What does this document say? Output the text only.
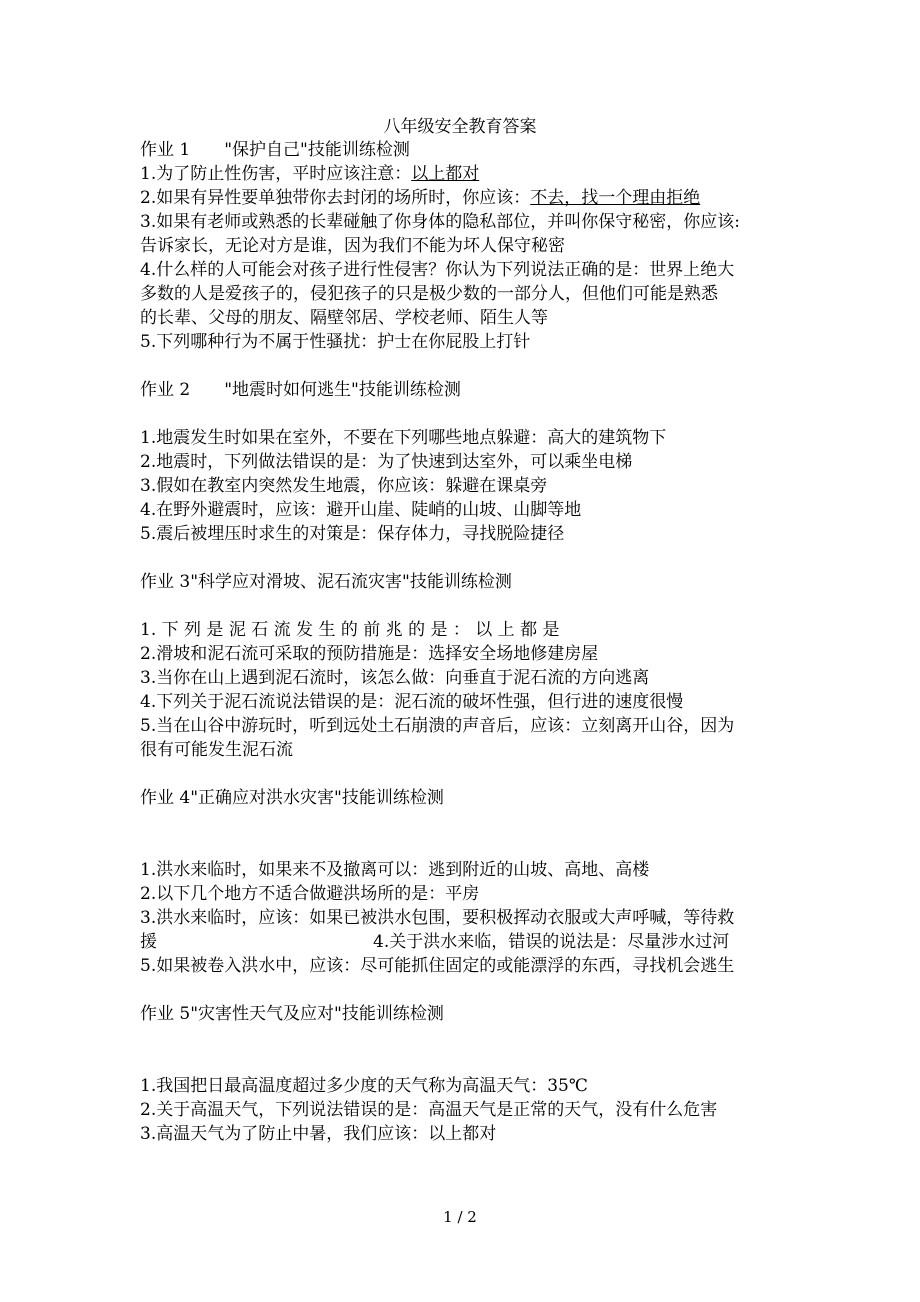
八年级安全教育答案
作业 1　　"保护自己"技能训练检测
1.为了防止性伤害，平时应该注意：以上都对
2.如果有异性要单独带你去封闭的场所时，你应该：不去，找一个理由拒绝
3.如果有老师或熟悉的长辈碰触了你身体的隐私部位，并叫你保守秘密，你应该:
告诉家长，无论对方是谁，因为我们不能为坏人保守秘密
4.什么样的人可能会对孩子进行性侵害？你认为下列说法正确的是：世界上绝大
多数的人是爱孩子的，侵犯孩子的只是极少数的一部分人，但他们可能是熟悉
的长辈、父母的朋友、隔壁邻居、学校老师、陌生人等
5.下列哪种行为不属于性骚扰：护士在你屁股上打针
作业 2　　"地震时如何逃生"技能训练检测
1.地震发生时如果在室外，不要在下列哪些地点躲避：高大的建筑物下
2.地震时，下列做法错误的是：为了快速到达室外，可以乘坐电梯
3.假如在教室内突然发生地震，你应该：躲避在课桌旁
4.在野外避震时，应该：避开山崖、陡峭的山坡、山脚等地
5.震后被埋压时求生的对策是：保存体力，寻找脱险捷径
作业 3"科学应对滑坡、泥石流灾害"技能训练检测
1. 下 列 是 泥 石 流 发 生 的 前 兆 的 是 ： 以 上 都 是
2.滑坡和泥石流可采取的预防措施是：选择安全场地修建房屋
3.当你在山上遇到泥石流时，该怎么做：向垂直于泥石流的方向逃离
4.下列关于泥石流说法错误的是：泥石流的破坏性强，但行进的速度很慢
5.当在山谷中游玩时，听到远处土石崩溃的声音后，应该：立刻离开山谷，因为
很有可能发生泥石流
作业 4"正确应对洪水灾害"技能训练检测
1.洪水来临时，如果来不及撤离可以：逃到附近的山坡、高地、高楼
2.以下几个地方不适合做避洪场所的是：平房
3.洪水来临时，应该：如果已被洪水包围，要积极挥动衣服或大声呼喊，等待救
援	4.关于洪水来临，错误的说法是：尽量涉水过河
5.如果被卷入洪水中，应该：尽可能抓住固定的或能漂浮的东西，寻找机会逃生
作业 5"灾害性天气及应对"技能训练检测
1.我国把日最高温度超过多少度的天气称为高温天气：35℃
2.关于高温天气，下列说法错误的是：高温天气是正常的天气，没有什么危害
3.高温天气为了防止中暑，我们应该：以上都对
1 / 2
